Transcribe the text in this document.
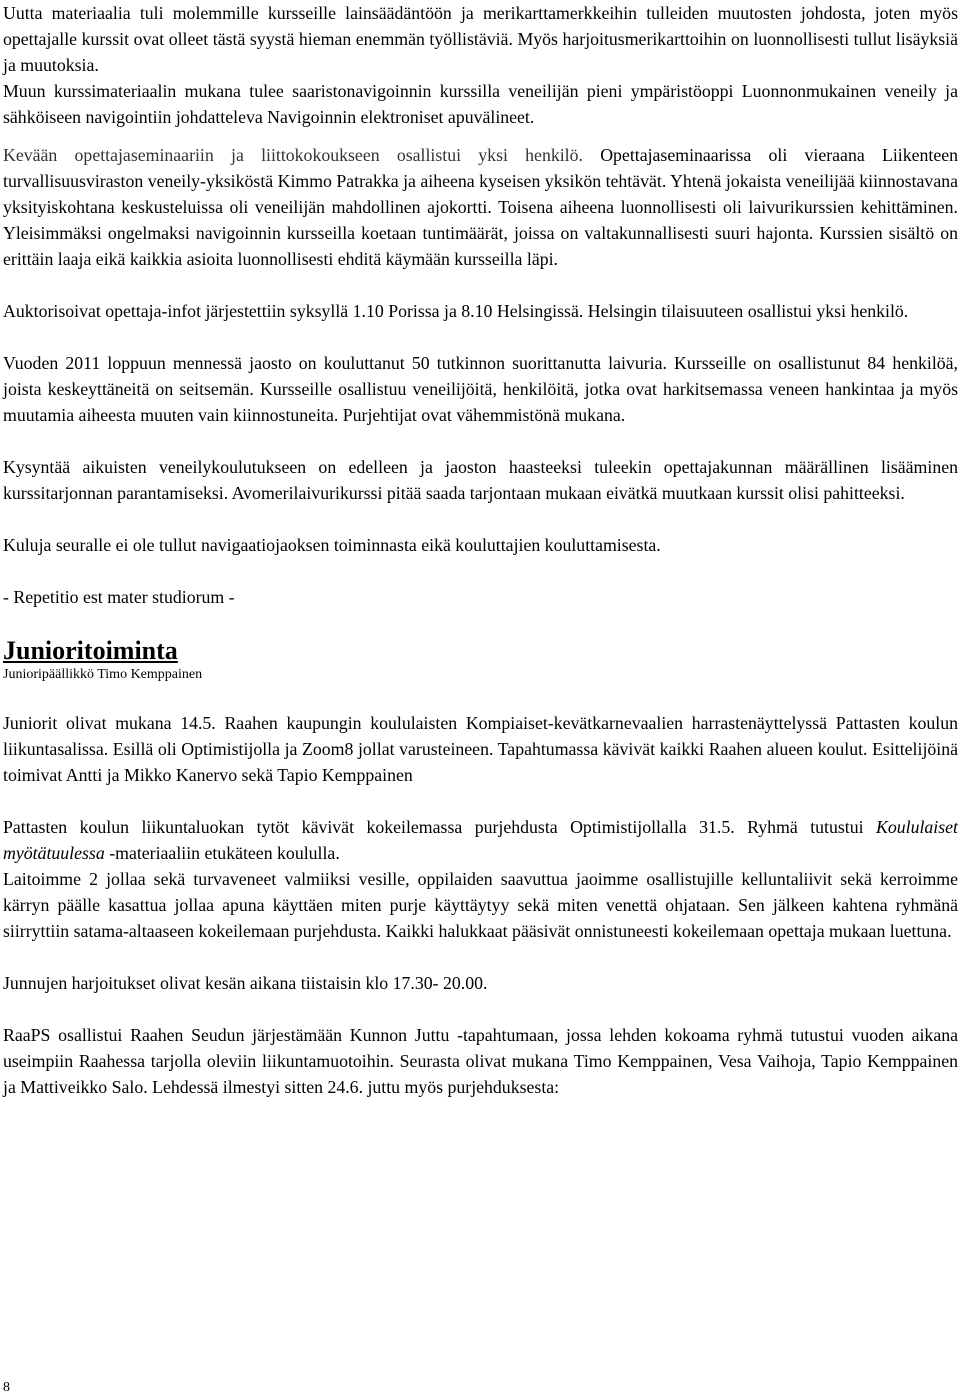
Uutta materiaalia tuli molemmille kursseille lainsäädäntöön ja merikarttamerkkeihin tulleiden muutosten johdosta, joten myös opettajalle kurssit ovat olleet tästä syystä hieman enemmän työllistäviä. Myös harjoitusmerikarttoihin on luonnollisesti tullut lisäyksiä ja muutoksia.

Muun kurssimateriaalin mukana tulee saaristonavigoinnin kurssilla veneilijän pieni ympäristöoppi Luonnonmukainen veneily ja sähköiseen navigointiin johdatteleva Navigoinnin elektroniset apuvälineet.

Kevään opettajaseminaariin ja liittokokoukseen osallistui yksi henkilö. Opettajaseminaarissa oli vieraana Liikenteen turvallisuusviraston veneily-yksiköstä Kimmo Patrakka ja aiheena kyseisen yksikön tehtävät. Yhtenä jokaista veneilijää kiinnostavana yksityiskohtana keskusteluissa oli veneilijän mahdollinen ajokortti. Toisena aiheena luonnollisesti oli laivurikurssien kehittäminen. Yleisimmäksi ongelmaksi navigoinnin kursseilla koetaan tuntimäärät, joissa on valtakunnallisesti suuri hajonta. Kurssien sisältö on erittäin laaja eikä kaikkia asioita luonnollisesti ehditä käymään kursseilla läpi.

Auktorisoivat opettaja-infot järjestettiin syksyllä 1.10 Porissa ja 8.10 Helsingissä. Helsingin tilaisuuteen osallistui yksi henkilö.

Vuoden 2011 loppuun mennessä jaosto on kouluttanut 50 tutkinnon suorittanutta laivuria. Kursseille on osallistunut 84 henkilöä, joista keskeyttäneitä on seitsemän. Kursseille osallistuu veneilijöitä, henkilöitä, jotka ovat harkitsemassa veneen hankintaa ja myös muutamia aiheesta muuten vain kiinnostuneita. Purjehtijat ovat vähemmistönä mukana.

Kysyntää aikuisten veneilykoulutukseen on edelleen ja jaoston haasteeksi tuleekin opettajakunnan määrällinen lisääminen kurssitarjonnan parantamiseksi. Avomerilaivurikurssi pitää saada tarjontaan mukaan eivätkä muutkaan kurssit olisi pahitteeksi.

Kuluja seuralle ei ole tullut navigaatiojaoksen toiminnasta eikä kouluttajien kouluttamisesta.

- Repetitio est mater studiorum -

Junioritoiminta

Junioripäällikkö Timo Kemppainen

Juniorit olivat mukana 14.5. Raahen kaupungin koululaisten Kompiaiset-kevätkarnevaalien harrastenäyttelyssä Pattasten koulun liikuntasalissa. Esillä oli Optimistijolla ja Zoom8 jollat varusteineen. Tapahtumassa kävivät kaikki Raahen alueen koulut. Esittelijöinä toimivat Antti ja Mikko Kanervo sekä Tapio Kemppainen

Pattasten koulun liikuntaluokan tytöt kävivät kokeilemassa purjehdusta Optimistijollalla 31.5. Ryhmä tutustui Koululaiset myötätuulessa -materiaaliin etukäteen koululla.

Laitoimme 2 jollaa sekä turvaveneet valmiiksi vesille, oppilaiden saavuttua jaoimme osallistujille kelluntaliivit sekä kerroimme kärryn päälle kasattua jollaa apuna käyttäen miten purje käyttäytyy sekä miten venettä ohjataan. Sen jälkeen kahtena ryhmänä siirryttiin satama-altaaseen kokeilemaan purjehdusta. Kaikki halukkaat pääsivät onnistuneesti kokeilemaan opettaja mukaan luettuna.

Junnujen harjoitukset olivat kesän aikana tiistaisin klo 17.30- 20.00.

RaaPS osallistui Raahen Seudun järjestämään Kunnon Juttu -tapahtumaan, jossa lehden kokoama ryhmä tutustui vuoden aikana useimpiin Raahessa tarjolla oleviin liikuntamuotoihin. Seurasta olivat mukana Timo Kemppainen, Vesa Vaihoja, Tapio Kemppainen ja Mattiveikko Salo. Lehdessä ilmestyi sitten 24.6. juttu myös purjehduksesta:

8
